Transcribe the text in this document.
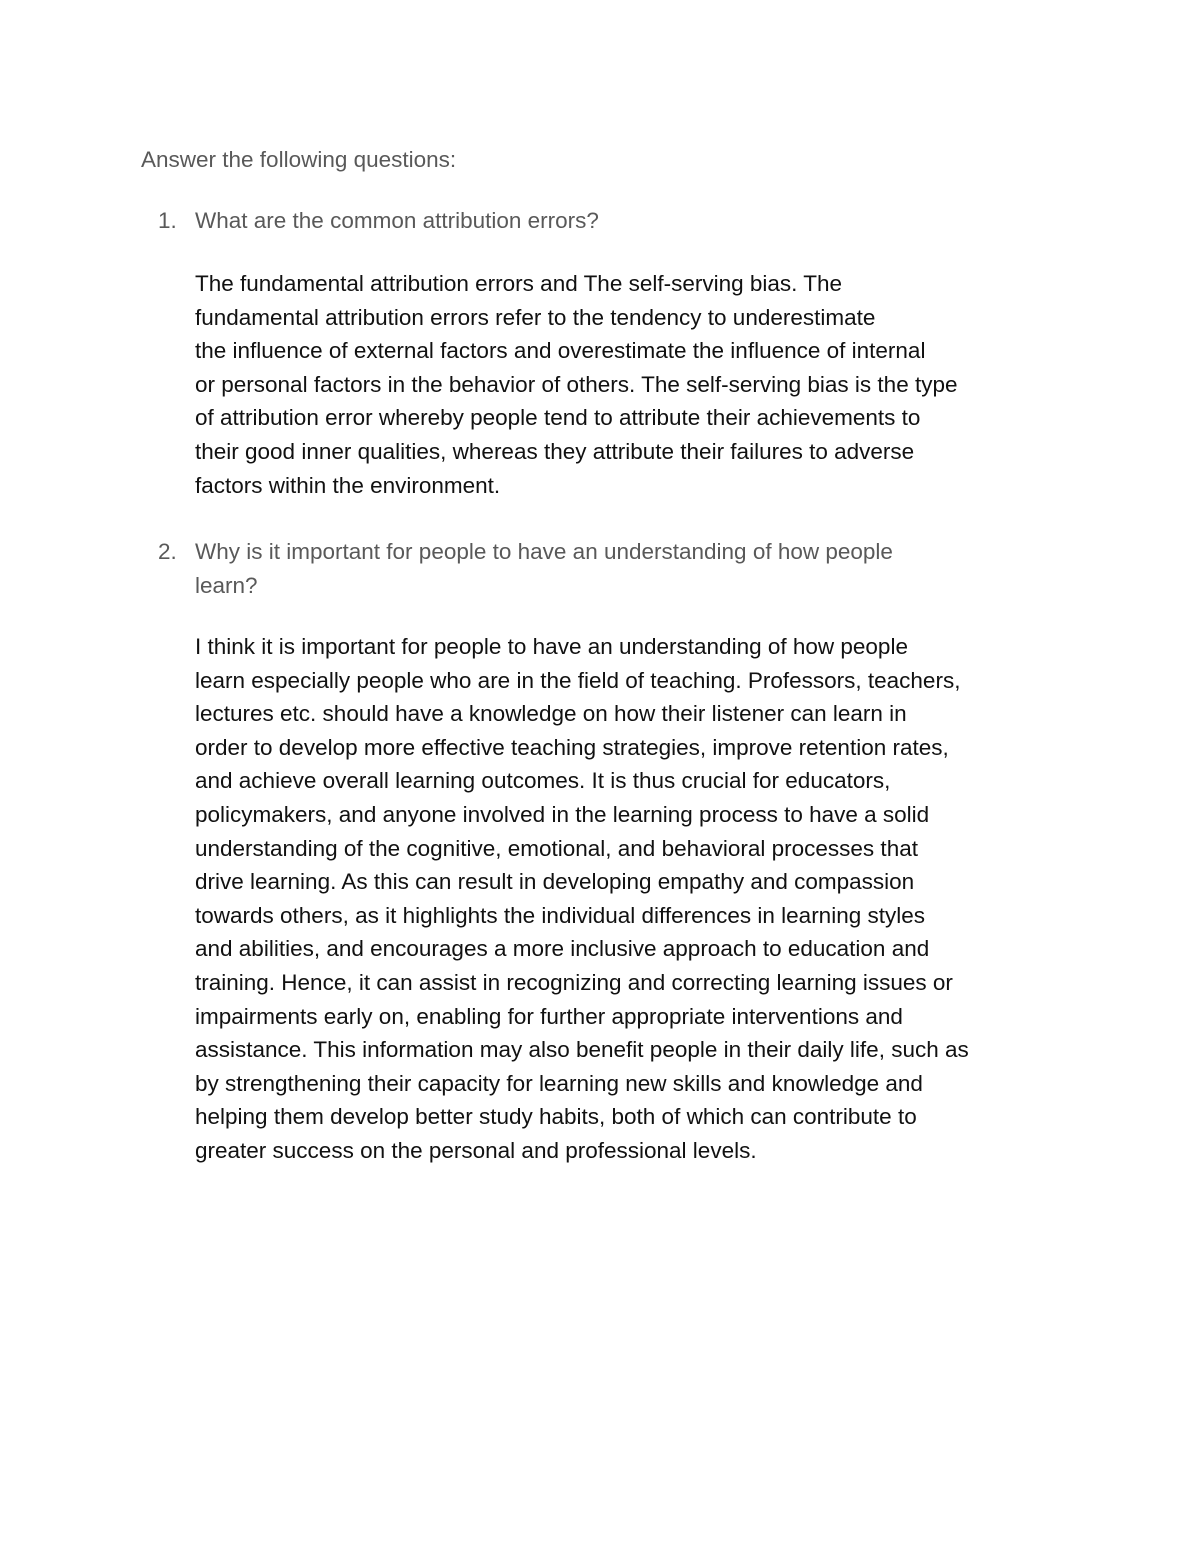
Answer the following questions:
1. What are the common attribution errors?
The fundamental attribution errors and The self-serving bias. The
fundamental attribution errors refer to the tendency to underestimate
the influence of external factors and overestimate the influence of internal
or personal factors in the behavior of others. The self-serving bias is the type
of attribution error whereby people tend to attribute their achievements to
their good inner qualities, whereas they attribute their failures to adverse
factors within the environment.
2. Why is it important for people to have an understanding of how people
learn?
I think it is important for people to have an understanding of how people
learn especially people who are in the field of teaching. Professors, teachers,
lectures etc. should have a knowledge on how their listener can learn in
order to develop more effective teaching strategies, improve retention rates,
and achieve overall learning outcomes. It is thus crucial for educators,
policymakers, and anyone involved in the learning process to have a solid
understanding of the cognitive, emotional, and behavioral processes that
drive learning. As this can result in developing empathy and compassion
towards others, as it highlights the individual differences in learning styles
and abilities, and encourages a more inclusive approach to education and
training. Hence, it can assist in recognizing and correcting learning issues or
impairments early on, enabling for further appropriate interventions and
assistance. This information may also benefit people in their daily life, such as
by strengthening their capacity for learning new skills and knowledge and
helping them develop better study habits, both of which can contribute to
greater success on the personal and professional levels.
